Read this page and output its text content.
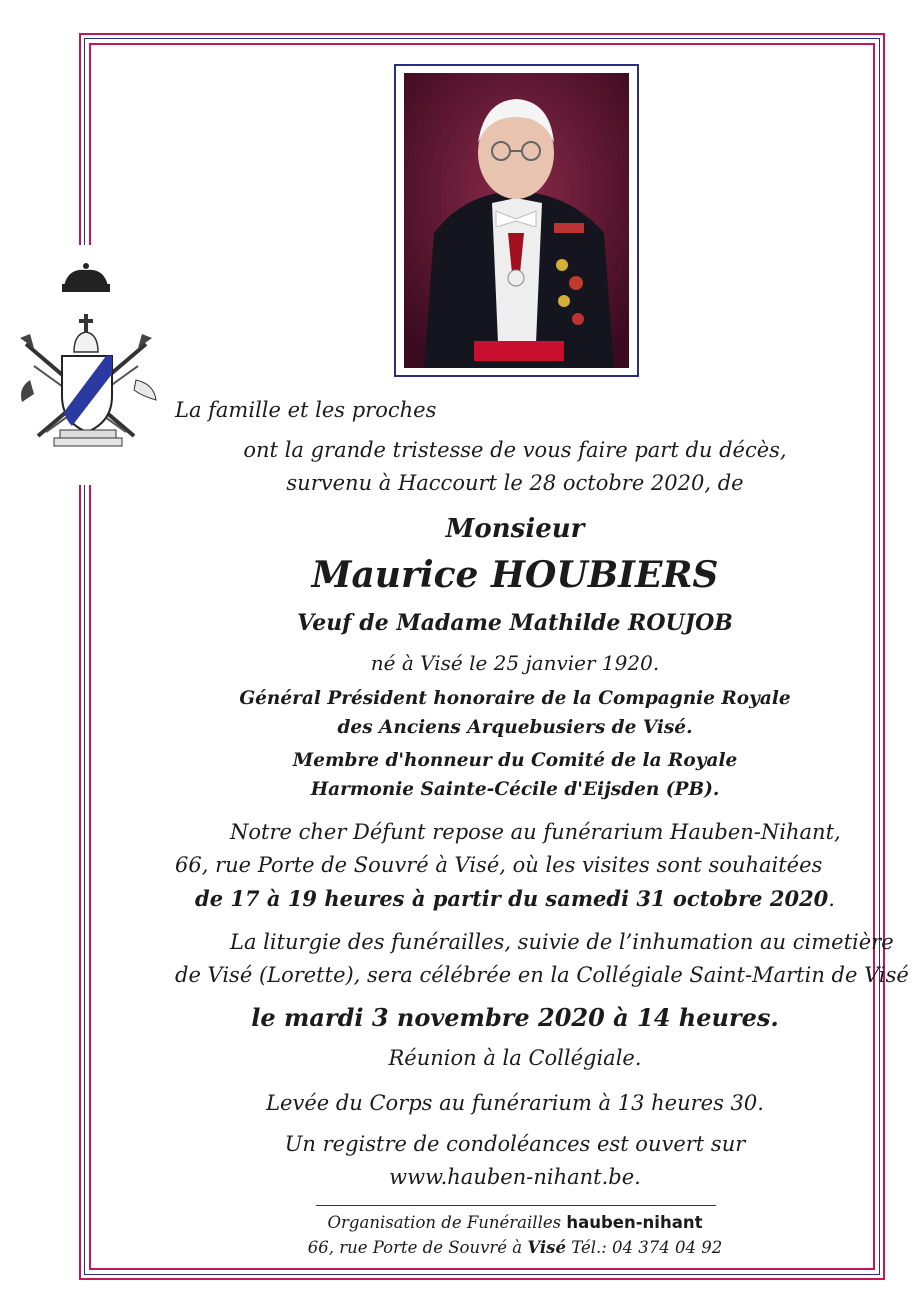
La famille et les proches
ont la grande tristesse de vous faire part du décès,
survenu à Haccourt le 28 octobre 2020, de
Monsieur
Maurice HOUBIERS
Veuf de Madame Mathilde ROUJOB
né à Visé le 25 janvier 1920.
Général Président honoraire de la Compagnie Royale
des Anciens Arquebusiers de Visé.
Membre d'honneur du Comité de la Royale
Harmonie Sainte-Cécile d'Eijsden (PB).
Notre cher Défunt repose au funérarium Hauben-Nihant,
66, rue Porte de Souvré à Visé, où les visites sont souhaitées
de 17 à 19 heures à partir du samedi 31 octobre 2020.
La liturgie des funérailles, suivie de l’inhumation au cimetière
de Visé (Lorette), sera célébrée en la Collégiale Saint-Martin de Visé
le mardi 3 novembre 2020 à 14 heures.
Réunion à la Collégiale.
Levée du Corps au funérarium à 13 heures 30.
Un registre de condoléances est ouvert sur
www.hauben-nihant.be.
Organisation de Funérailles hauben-nihant
66, rue Porte de Souvré à Visé Tél.: 04 374 04 92
